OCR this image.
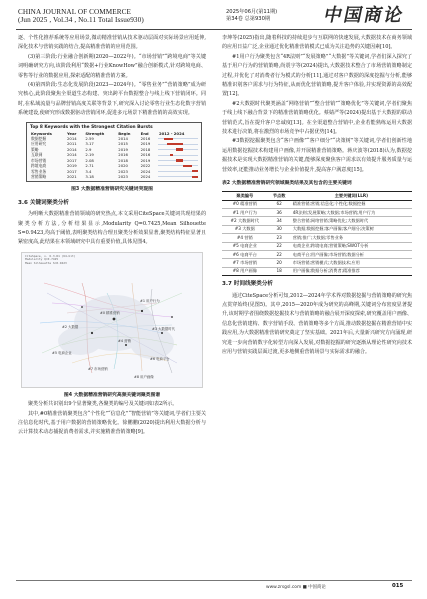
CHINA JOURNAL OF COMMERCE
(Jun 2025 , Vol.34 , No.11 Total Issue930)
2025年06月(第11期)
第34卷 总第930期	中国商论

逐、个性化推荐系统等应用场景,微动精准营销从技术驱动层面对实际场景应用延伸,深化技术与营销实践的结合,提高精准营销的应用范围。

(3)第三阶段:行业融合创新期(2020—2022年)。“市场营销”“跨境电商”等关键词明确研究方向,该阶段利用“数据+行业KnowHow”融合创新模式,针对跨境电商、零售等行业的数据应用,探索适配的精准营销方案。

(4)第四阶段:生态化发展阶段(2023—2024年)。“零售业务”“营销策略”成为研究核心,此阶段聚焦全渠道生态构建、突出跨平台数据整合与线上线下营销闭环。同时,在私域流量与品牌营销高度关联等背景下,研究深入讨论零售行业生态化数字营销系统建设,使研究形成数据驱动营销闭环,促进多元场景下精准营销的高效实现。

Top 8 Keywords with the Strongest Citation Bursts
Keywords	Year	Strength	Begin	End	2012 - 2024
数据挖掘	2014	2.59	2014	2016	

应用研究	2011	3.17	2015	2019	

策略	2014	2.9	2019	2018	

互联网	2014	2.19	2016	2016	

市场营销	2017	2.08	2018	2019	

跨境电商	2019	2.71	2020	2022	

零售业务	2017	3.4	2023	2024	

营销策略	2021	3.18	2023	2024	
图3 大数据精准营销研究关键词突现图
3.6 关键词聚类分析

为明晰大数据精准营销领域的研究热点,本文采用CiteSpace关键词共现结果的聚类分析方法,分析结果显示,Modularity Q=0.7425,Mean Silhouette S=0.9423,均高于阈值,表明聚类结构合理且聚类分析效果显著,聚类结构特征显著且紧密度高,此结果在本领域研究中具有重要价值,具体见图4。

CiteSpace, v. 6.3.R1 (64-bit)
Modularity Q=0.7425
Mean Silhouette S=0.9423
#0 精准营销
#1 用户行为
#2 大数据	#3 大数据时代
#4 营销
#5 电商企业
#6 电商平台
#7 市场营销
#8 用户画像
图4 大数据精准营销研究高频关键词聚类图谱

聚类分析共识别出9个显著聚类,各聚类的编号及关键词如表2所示。

其中,#0精准营销聚类包含“个性化”“信息化”“智能营销”等关键词,学者们主要关注信息化时代,基于用户数据的营销策略优化。徐鹏鹏(2020)提出利用大数据分析与云计算技术动态捕捉消费者需求,并实施精准营销策略[9]。

李坤等(2025)指出,随着科技的持续进步与互联网的快速发展,大数据技术在商务领域的应用日益广泛,企业通过优化精准营销模式已成为关注趋势的关键因素[10]。

#1用户行为聚类包含“4R法则”“发展策略”“大数据”等关键词,学者们深入探究了基于用户行为的营销策略,尚震宇等(2024)提出,大数据技术整合了市场营销策略制定过程,并优化了对消费者行为模式的分析[11],通过对客户数据的深度挖掘与分析,能够精准识别客户需求与行为特征,从而优化营销策略,提升客户体验,并实现资源的高效配置[12]。

#2大数据时代聚类涵盖“网络营销”“整合营销”“策略优化”等关键词,学者们聚焦于线上线下融合背景下的精准营销策略优化。蔡婧严等(2024)提出基于大数据的联动营销范式,旨在提升客户忠诚度[13]。在全渠道整合营销中,企业若能熟练运用大数据技术进行决策,将在激烈的市场竞争中占据优势[14]。

#3数据挖掘聚类包含“客户画像”“客户细分”“决策树”等关键词,学者们创新性地运用数据挖掘技术构建用户画像,并开展精准营销策略。蒋庆波等(2018)认为,数据挖掘技术是实现大数据精准营销的关键,能够深度聚焦客户需求以有效提升服务质量与运营效率,还能推动业务增长与企业价值提升,提高客户满意度[15]。

表2 大数据精准营销研究领域聚类结果及其包含的主要关键词
聚类编号	节点数	主要关键词(LLR)
#0 精准营销	62	精准营销;营销;信息化;个性化;数据挖掘
#1 用户行为	36	4R法则;发展策略;大数据;市场营销;用户行为
#2 大数据时代	34	整合营销;网络营销;策略优化;大数据时代
#3 大数据	30	大数据;数据挖掘;客户画像;客户细分;决策树
#4 营销	23	营销;推广;大数据;零售业务
#5 电商企业	22	电商企业;跨境电商;营销策略;SWOT分析
#6 电商平台	22	电商平台;用户画像;市场营销;数据分析
#7 市场营销	20	市场营销;营销模式;大数据技术;应用
#8 用户画像	18	用户画像;数据分析;消费者;精准推荐
3.7 时间线聚类分析

通过CiteSpace分析可知,2012—2024年学术界对数据挖掘与营销策略的研究焦点贯穿始终(见图5)。其中,2015—2020年成为研究的高峰期,关键词分布密度显著提升,该时期学者围绕数据挖掘技术与营销策略的融合展开深度探索,研究覆盖用户画像、信息化营销建构、数字营销手段、营销策略等多个方面,推动数据挖掘在精准营销中实践应用,为大数据精准营销研究奠定了坚实基础。2021年后,大量新兴研究方向涌现,研究进一步向营销数字化转型方向深入发展,对数据挖掘的研究逐渐从理论性研究向技术应用与营销实践层面过渡,更多地侧重营销场景与实际需求的融合。

www.zrsgsl.com ■ 中国商论	015
